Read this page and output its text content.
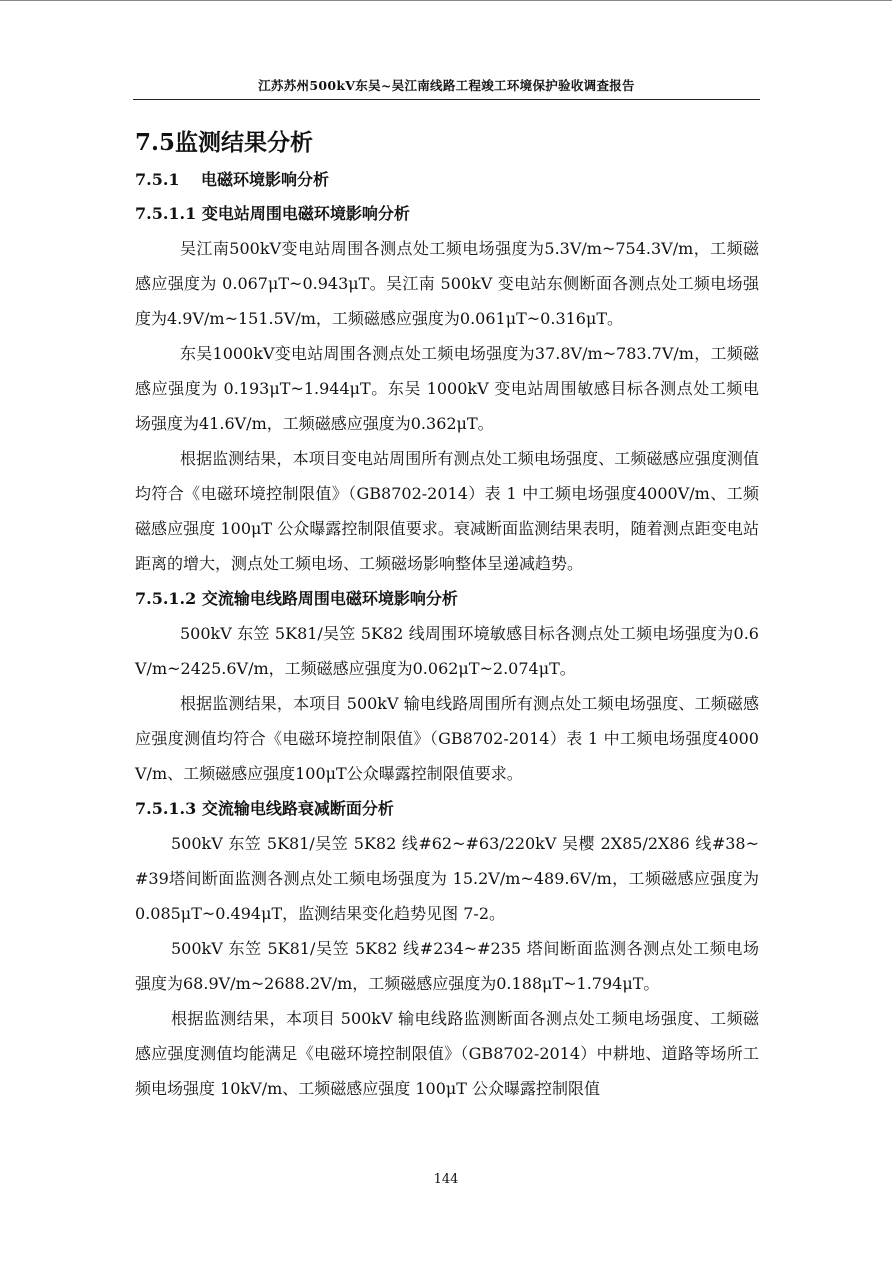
江苏苏州500kV东吴~吴江南线路工程竣工环境保护验收调查报告
7.5监测结果分析
7.5.1 电磁环境影响分析
7.5.1.1 变电站周围电磁环境影响分析

吴江南500kV变电站周围各测点处工频电场强度为5.3V/m~754.3V/m，工频磁感应强度为 0.067μT~0.943μT。吴江南 500kV 变电站东侧断面各测点处工频电场强度为4.9V/m~151.5V/m，工频磁感应强度为0.061μT~0.316μT。

东吴1000kV变电站周围各测点处工频电场强度为37.8V/m~783.7V/m，工频磁感应强度为 0.193μT~1.944μT。东吴 1000kV 变电站周围敏感目标各测点处工频电场强度为41.6V/m，工频磁感应强度为0.362μT。

根据监测结果，本项目变电站周围所有测点处工频电场强度、工频磁感应强度测值均符合《电磁环境控制限值》（GB8702-2014）表 1 中工频电场强度4000V/m、工频磁感应强度 100μT 公众曝露控制限值要求。衰减断面监测结果表明，随着测点距变电站距离的增大，测点处工频电场、工频磁场影响整体呈递减趋势。

7.5.1.2 交流输电线路周围电磁环境影响分析

500kV 东笠 5K81/吴笠 5K82 线周围环境敏感目标各测点处工频电场强度为0.6V/m~2425.6V/m，工频磁感应强度为0.062μT~2.074μT。

根据监测结果，本项目 500kV 输电线路周围所有测点处工频电场强度、工频磁感应强度测值均符合《电磁环境控制限值》（GB8702-2014）表 1 中工频电场强度4000V/m、工频磁感应强度100μT公众曝露控制限值要求。

7.5.1.3 交流输电线路衰减断面分析

500kV 东笠 5K81/吴笠 5K82 线#62~#63/220kV 吴樱 2X85/2X86 线#38~#39塔间断面监测各测点处工频电场强度为 15.2V/m~489.6V/m，工频磁感应强度为0.085μT~0.494μT，监测结果变化趋势见图 7-2。

500kV 东笠 5K81/吴笠 5K82 线#234~#235 塔间断面监测各测点处工频电场强度为68.9V/m~2688.2V/m，工频磁感应强度为0.188μT~1.794μT。

根据监测结果，本项目 500kV 输电线路监测断面各测点处工频电场强度、工频磁感应强度测值均能满足《电磁环境控制限值》（GB8702-2014）中耕地、道路等场所工频电场强度 10kV/m、工频磁感应强度 100μT 公众曝露控制限值

144
